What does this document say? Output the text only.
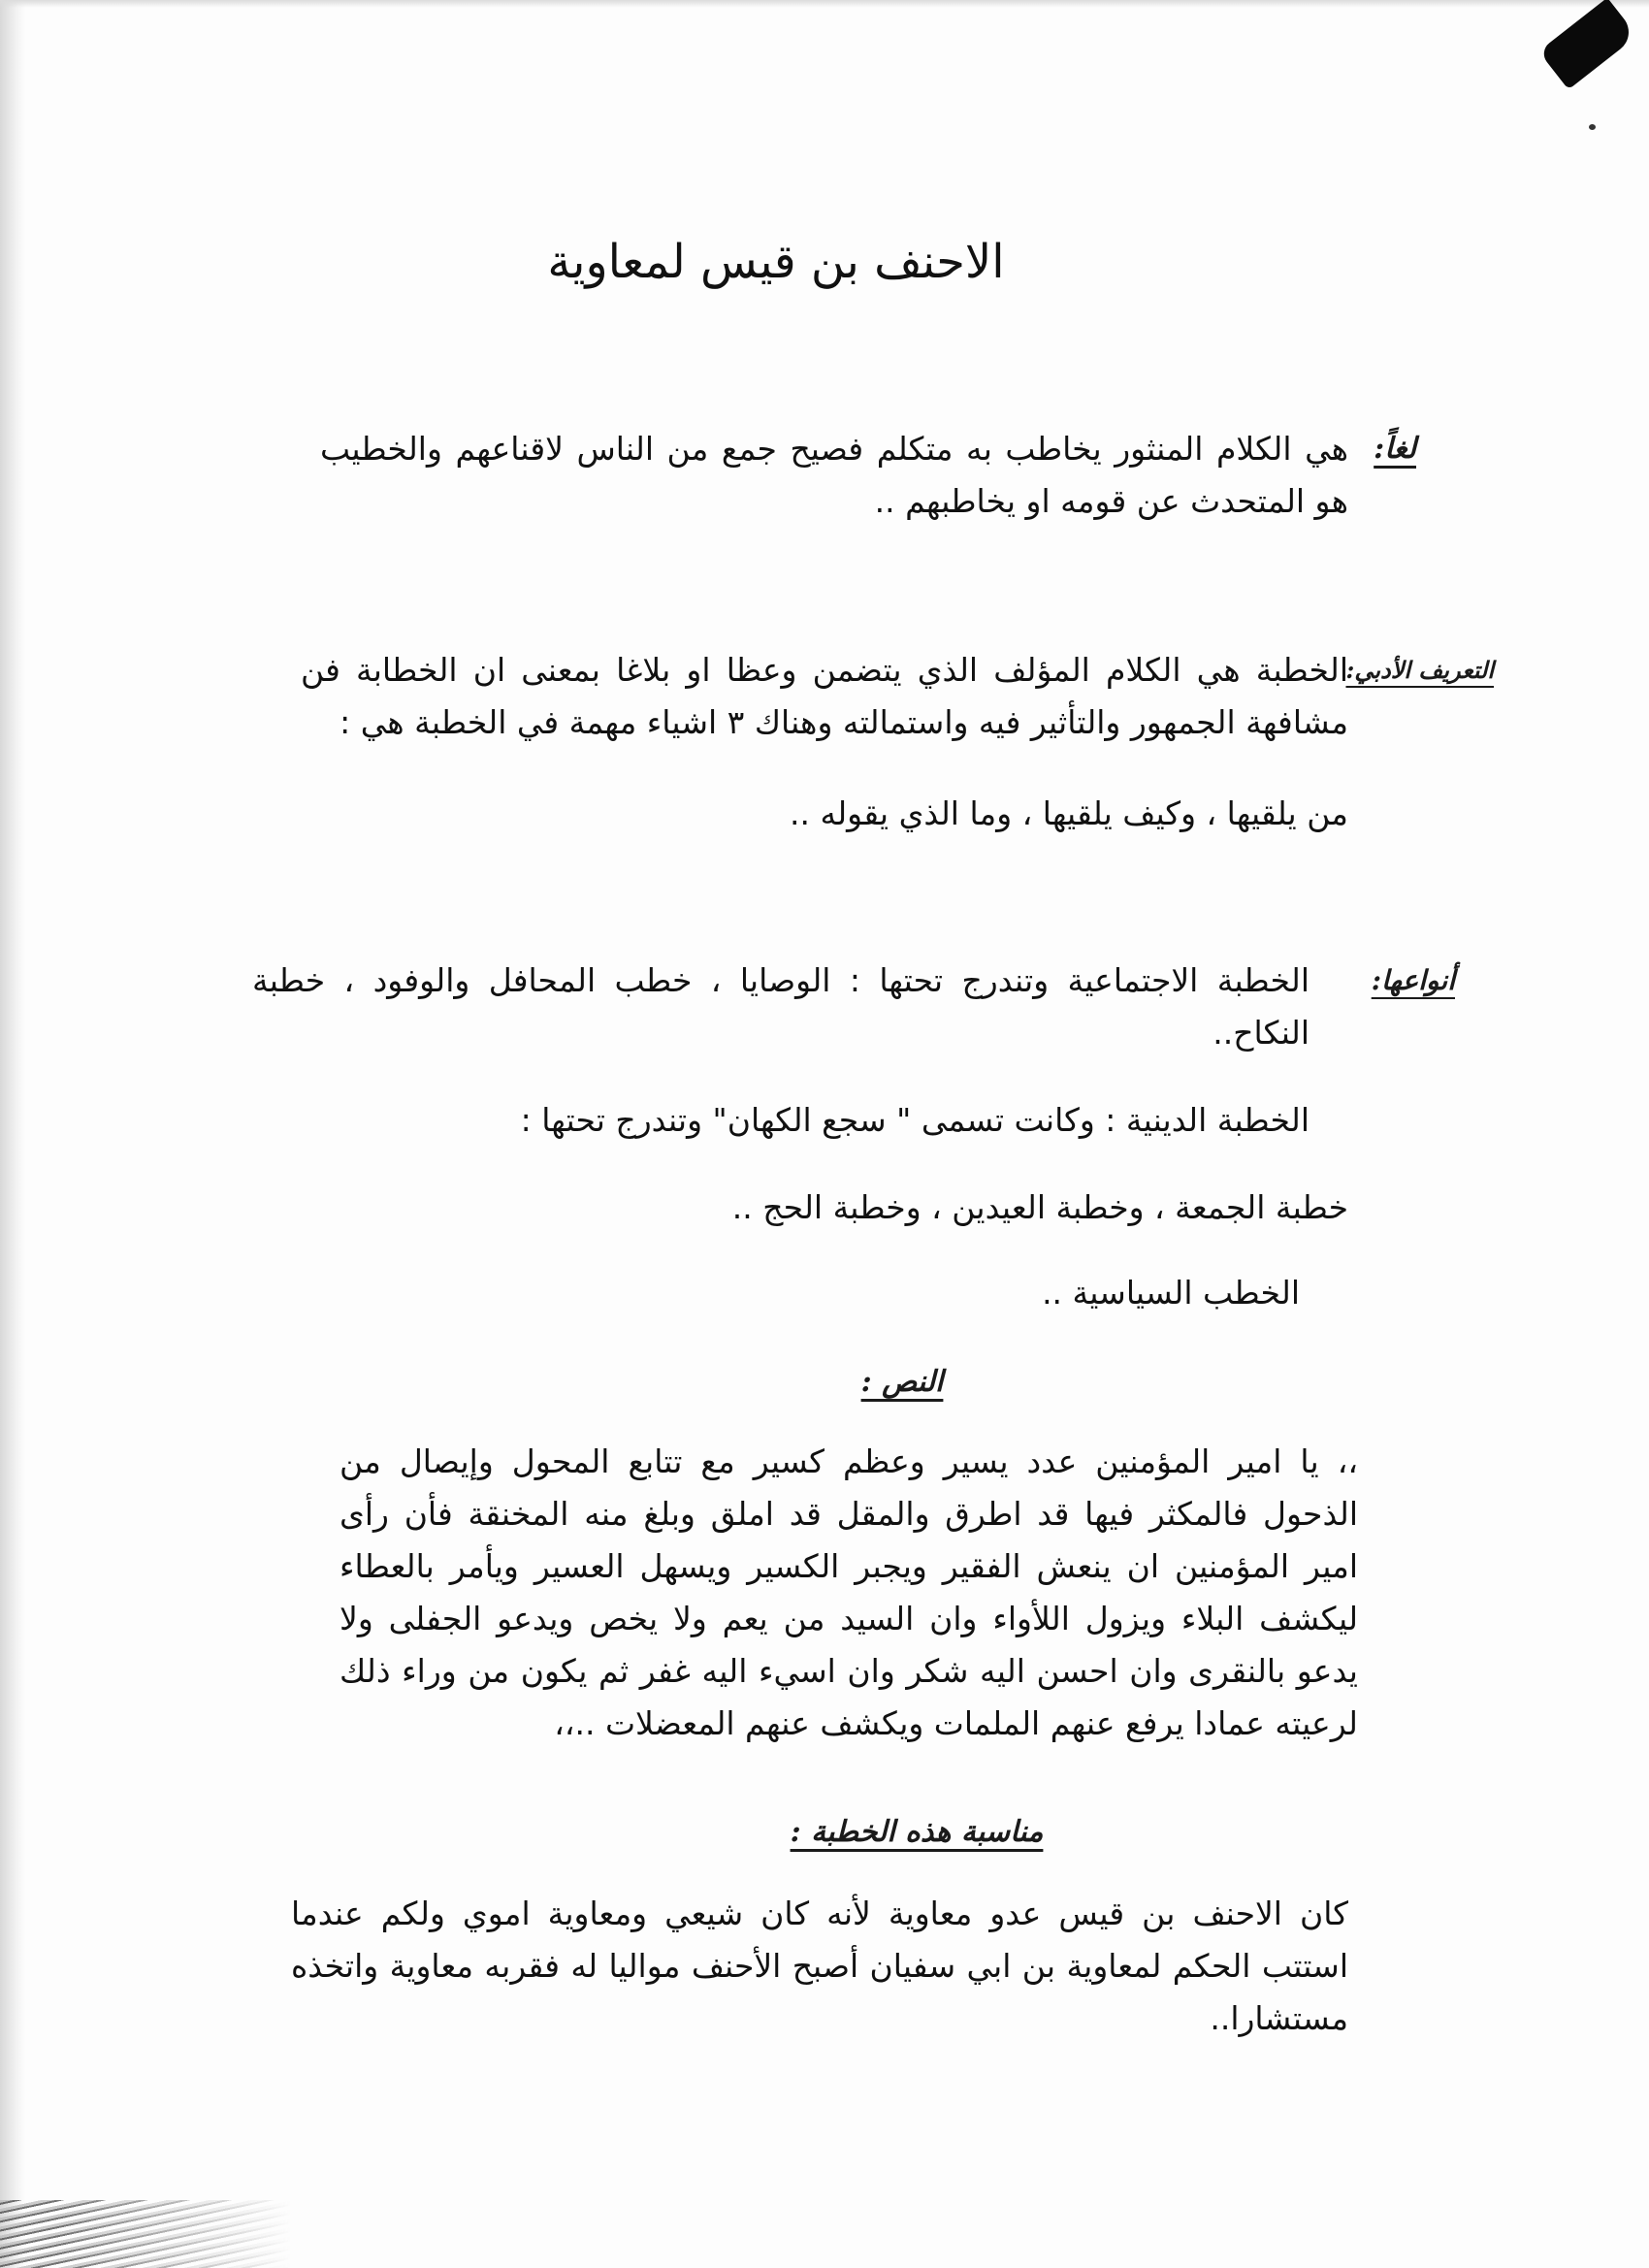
الاحنف بن قيس لمعاوية
لغاً:
هي الكلام المنثور يخاطب به متكلم فصيح جمع من الناس لاقناعهم والخطيب هو المتحدث عن قومه او يخاطبهم ..
التعريف الأدبي:
الخطبة هي الكلام المؤلف الذي يتضمن وعظا او بلاغا بمعنى ان الخطابة فن مشافهة الجمهور والتأثير فيه واستمالته وهناك ٣ اشياء مهمة في الخطبة هي :
من يلقيها ، وكيف يلقيها ، وما الذي يقوله ..
أنواعها:
الخطبة الاجتماعية وتندرج تحتها : الوصايا ، خطب المحافل والوفود ، خطبة النكاح..
الخطبة الدينية : وكانت تسمى " سجع الكهان" وتندرج تحتها :
خطبة الجمعة ، وخطبة العيدين ، وخطبة الحج ..
الخطب السياسية ..
النص :
،، يا امير المؤمنين عدد يسير وعظم كسير مع تتابع المحول وإيصال من الذحول فالمكثر فيها قد اطرق والمقل قد املق وبلغ منه المخنقة فأن رأى امير المؤمنين ان ينعش الفقير ويجبر الكسير ويسهل العسير ويأمر بالعطاء ليكشف البلاء ويزول اللأواء وان السيد من يعم ولا يخص ويدعو الجفلى ولا يدعو بالنقرى وان احسن اليه شكر وان اسيء اليه غفر ثم يكون من وراء ذلك لرعيته عمادا يرفع عنهم الملمات ويكشف عنهم المعضلات ..،،
مناسبة هذه الخطبة :
كان الاحنف بن قيس عدو معاوية لأنه كان شيعي ومعاوية اموي ولكم عندما استتب الحكم لمعاوية بن ابي سفيان أصبح الأحنف مواليا له فقربه معاوية واتخذه مستشارا..
